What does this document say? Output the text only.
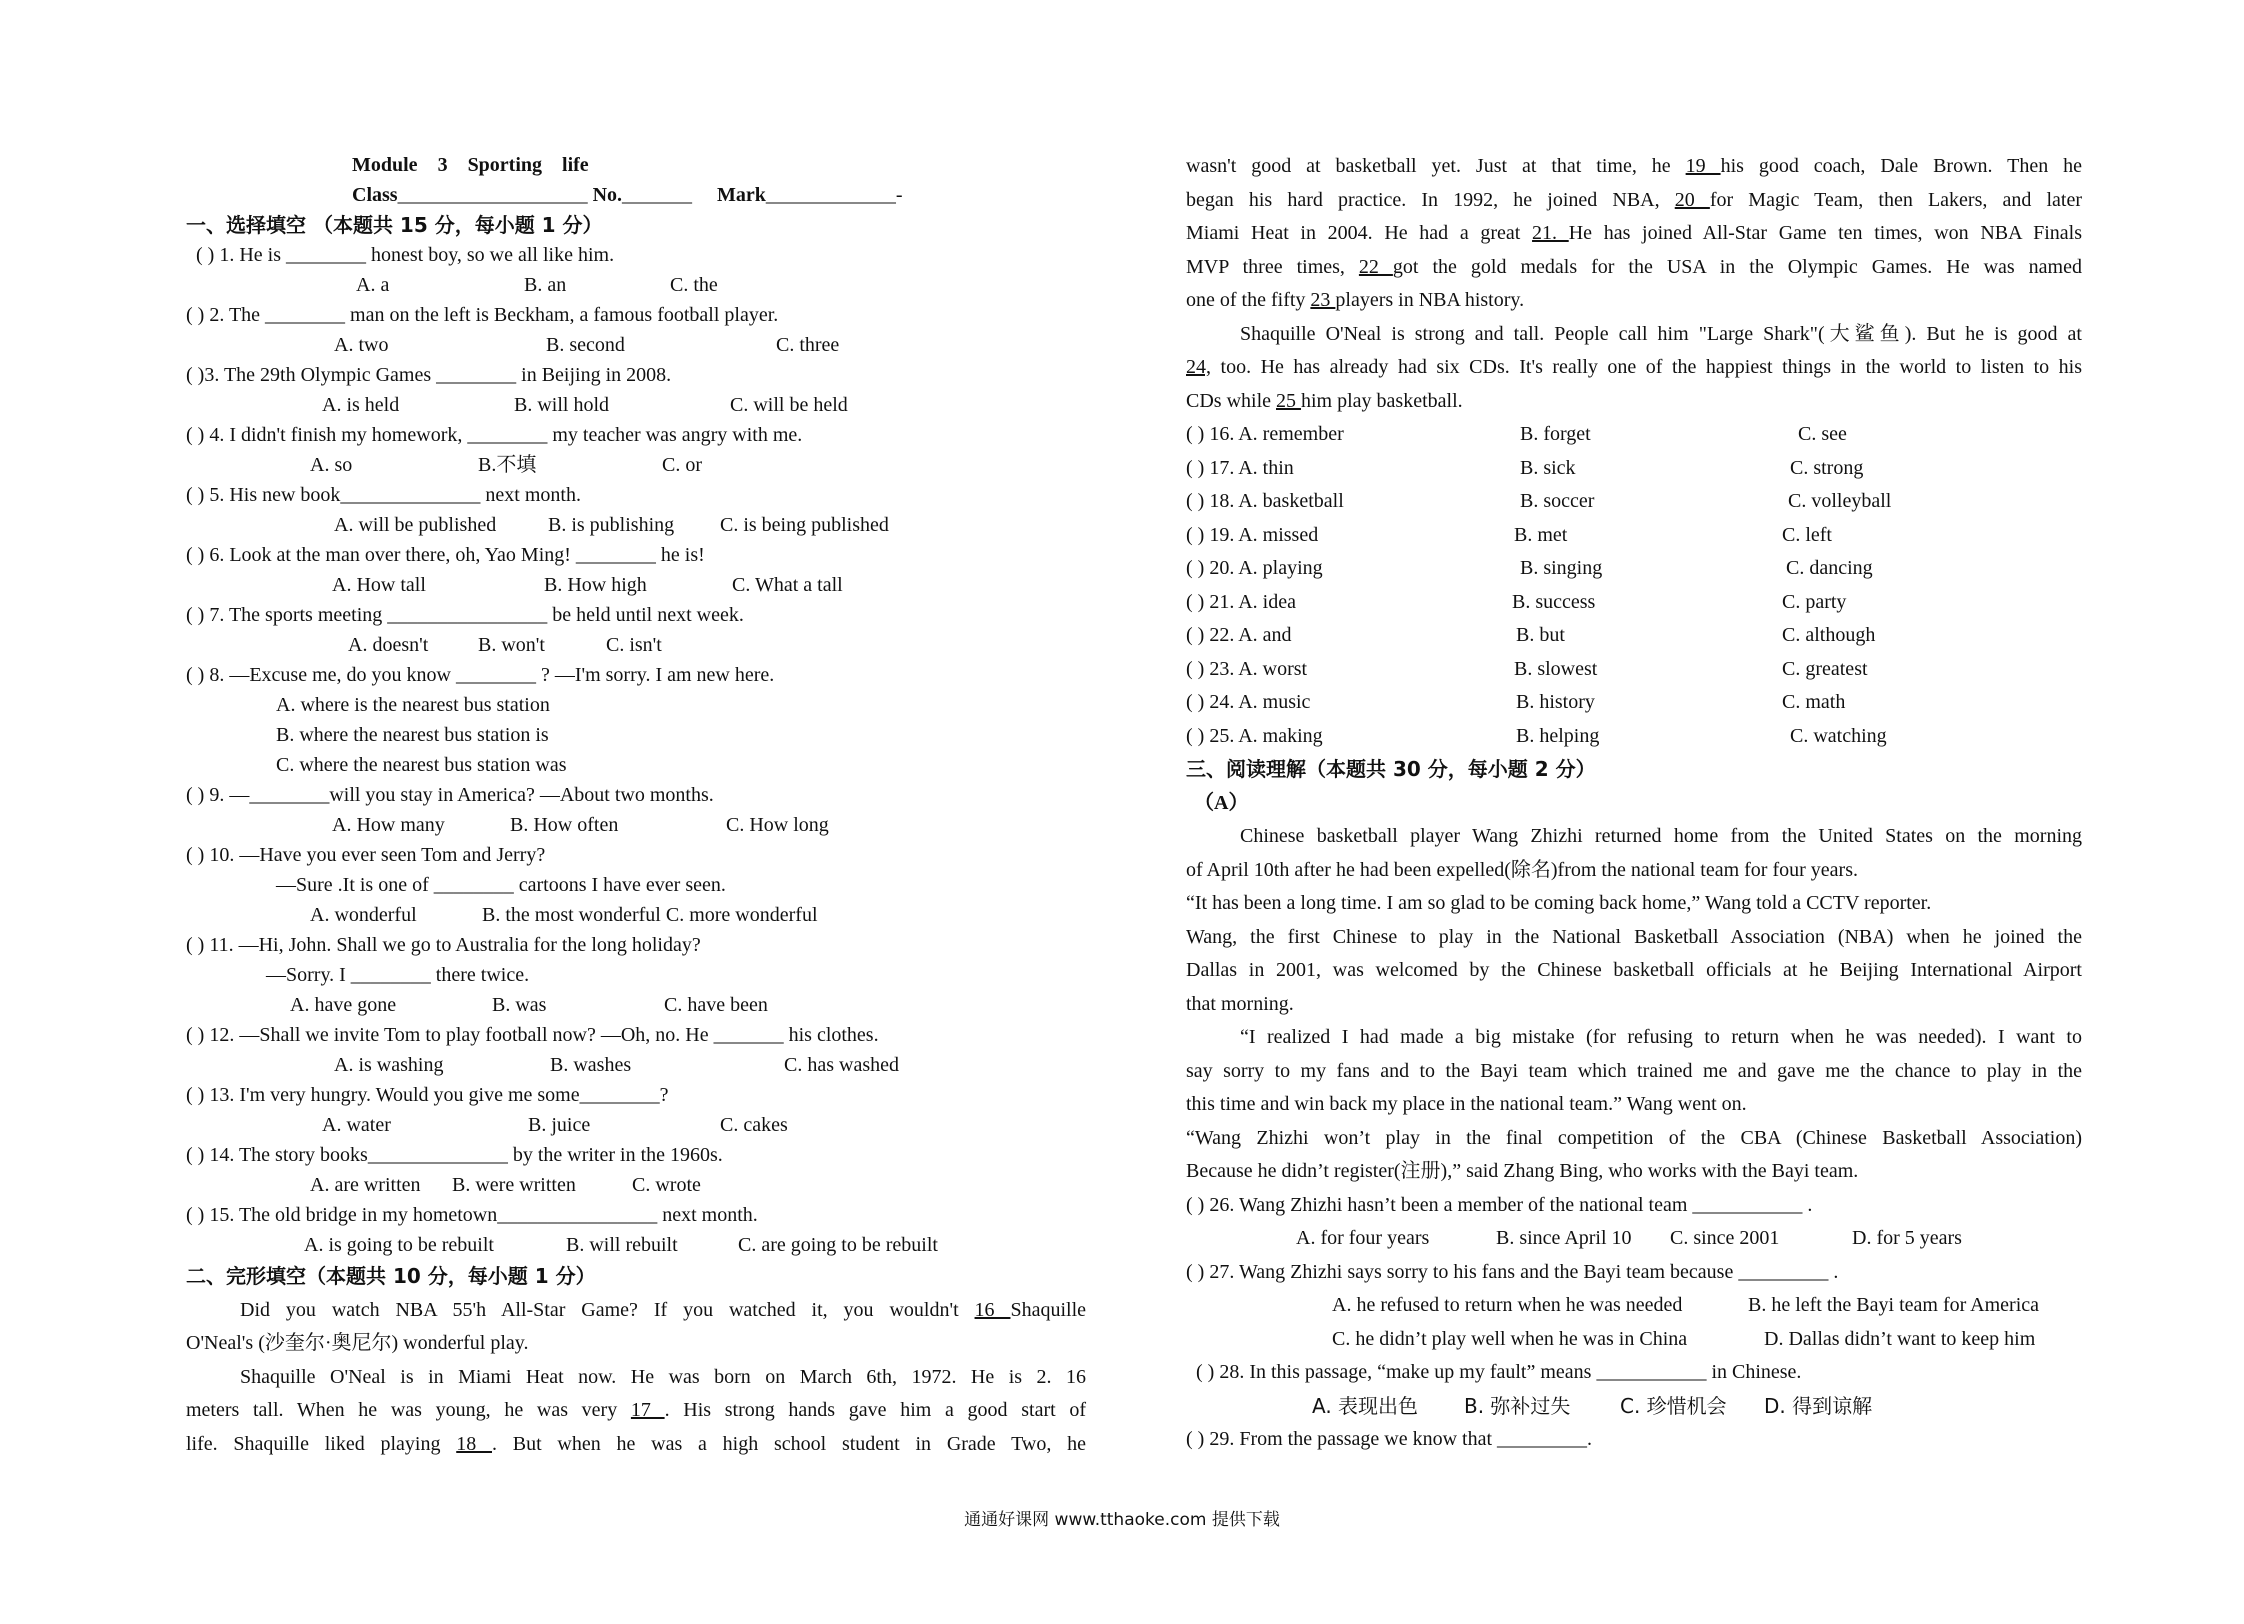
Module 3 Sporting life
Class___________________ No._______ Mark_____________-
一、选择填空 （本题共 15 分，每小题 1 分）
( ) 1. He is ________ honest boy, so we all like him.
A. a	B. an	C. the
( ) 2. The ________ man on the left is Beckham, a famous football player.
A. two	B. second	C. three
( )3. The 29th Olympic Games ________ in Beijing in 2008.
A. is held	B. will hold	C. will be held
( ) 4. I didn't finish my homework, ________ my teacher was angry with me.
A. so	B.不填	C. or
( ) 5. His new book______________ next month.
A. will be published	B. is publishing C. is being published
( ) 6. Look at the man over there, oh, Yao Ming! ________ he is!
A. How tall	B. How high	C. What a tall
( ) 7. The sports meeting ________________ be held until next week.
A. doesn't B. won't	C. isn't
( ) 8. —Excuse me, do you know ________ ? —I'm sorry. I am new here.
A. where is the nearest bus station
B. where the nearest bus station is
C. where the nearest bus station was
( ) 9. —________will you stay in America? —About two months.
A. How many	B. How often	C. How long
( ) 10. —Have you ever seen Tom and Jerry?
—Sure .It is one of ________ cartoons I have ever seen.
A. wonderful	B. the most wonderful C. more wonderful
( ) 11. —Hi, John. Shall we go to Australia for the long holiday?
—Sorry. I ________ there twice.
A. have gone	B. was	C. have been
( ) 12. —Shall we invite Tom to play football now? —Oh, no. He _______ his clothes.
A. is washing	B. washes	C. has washed
( ) 13. I'm very hungry. Would you give me some________?
A. water	B. juice	C. cakes
( ) 14. The story books______________ by the writer in the 1960s.
A. are written B. were written	C. wrote
( ) 15. The old bridge in my hometown________________ next month.
A. is going to be rebuilt	B. will rebuilt	C. are going to be rebuilt
二、完形填空（本题共 10 分，每小题 1 分）
Did you watch NBA 55'h All-Star Game? If you watched it, you wouldn't 16 Shaquille
O'Neal's (沙奎尔·奥尼尔) wonderful play.
Shaquille O'Neal is in Miami Heat now. He was born on March 6th, 1972. He is 2. 16
meters tall. When he was young, he was very 17 . His strong hands gave him a good start of
life. Shaquille liked playing 18 . But when he was a high school student in Grade Two, he
wasn't good at basketball yet. Just at that time, he 19 his good coach, Dale Brown. Then he
began his hard practice. In 1992, he joined NBA, 20 for Magic Team, then Lakers, and later
Miami Heat in 2004. He had a great 21. He has joined All-Star Game ten times, won NBA Finals
MVP three times, 22 got the gold medals for the USA in the Olympic Games. He was named
one of the fifty 23 players in NBA history.
Shaquille O'Neal is strong and tall. People call him "Large Shark"(大鲨鱼). But he is good at
24, too. He has already had six CDs. It's really one of the happiest things in the world to listen to his
CDs while 25 him play basketball.
( ) 16. A. remember	B. forget	C. see
( ) 17. A. thin	B. sick	C. strong
( ) 18. A. basketball	B. soccer	C. volleyball
( ) 19. A. missed	B. met	C. left
( ) 20. A. playing	B. singing	C. dancing
( ) 21. A. idea	B. success	C. party
( ) 22. A. and	B. but	C. although
( ) 23. A. worst	B. slowest	C. greatest
( ) 24. A. music	B. history	C. math
( ) 25. A. making	B. helping	C. watching
三、阅读理解（本题共 30 分，每小题 2 分）
（A）
Chinese basketball player Wang Zhizhi returned home from the United States on the morning
of April 10th after he had been expelled(除名)from the national team for four years.
“It has been a long time. I am so glad to be coming back home,” Wang told a CCTV reporter.
Wang, the first Chinese to play in the National Basketball Association (NBA) when he joined the
Dallas in 2001, was welcomed by the Chinese basketball officials at he Beijing International Airport
that morning.
“I realized I had made a big mistake (for refusing to return when he was needed). I want to
say sorry to my fans and to the Bayi team which trained me and gave me the chance to play in the
this time and win back my place in the national team.” Wang went on.
“Wang Zhizhi won’t play in the final competition of the CBA (Chinese Basketball Association)
Because he didn’t register(注册),” said Zhang Bing, who works with the Bayi team.
( ) 26. Wang Zhizhi hasn’t been a member of the national team ___________ .
A. for four years	B. since April 10 C. since 2001	D. for 5 years
( ) 27. Wang Zhizhi says sorry to his fans and the Bayi team because _________ .
A. he refused to return when he was needed	B. he left the Bayi team for America
C. he didn’t play well when he was in China	D. Dallas didn’t want to keep him
( ) 28. In this passage, “make up my fault” means ___________ in Chinese.
A. 表现出色 B. 弥补过失 C. 珍惜机会 D. 得到谅解
( ) 29. From the passage we know that _________.
通通好课网 www.tthaoke.com 提供下载
